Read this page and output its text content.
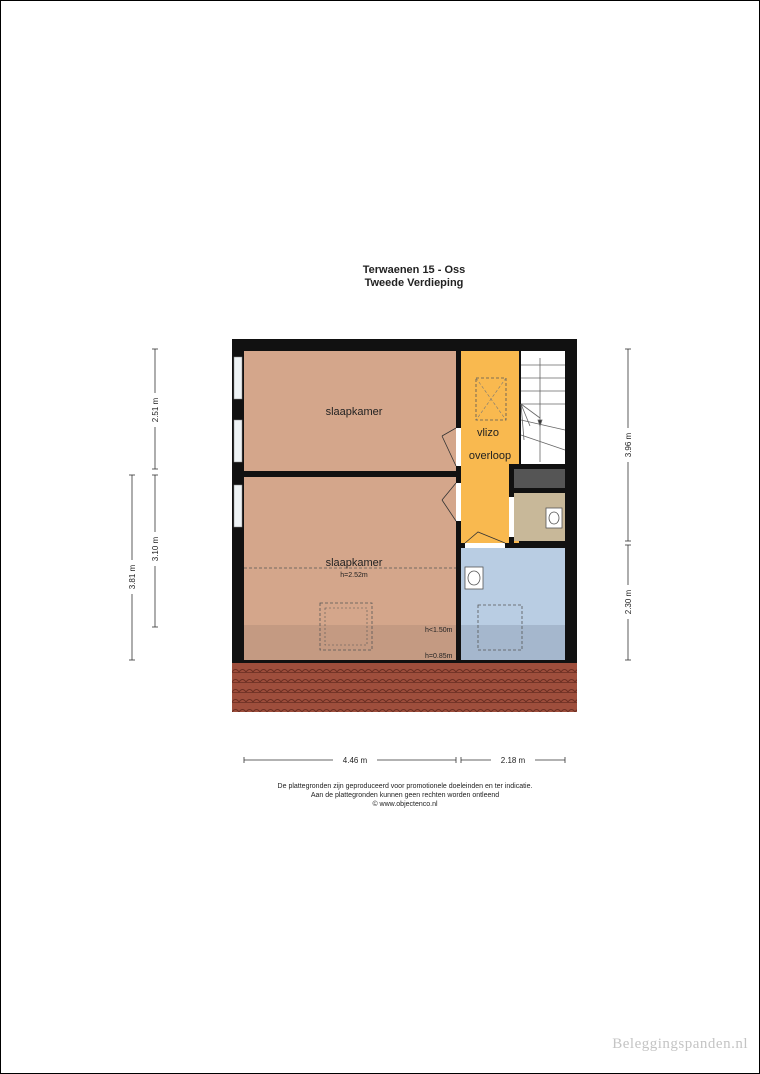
Terwaenen 15 - Oss
Tweede Verdieping
slaapkamer
slaapkamer
h=2.52m
vlizo
overloop
h<1.50m
h=0.85m
2.51 m
3.10 m
3.81 m
3.96 m
2.30 m
4.46 m	2.18 m
De plattegronden zijn geproduceerd voor promotionele doeleinden en ter indicatie.
Aan de plattegronden kunnen geen rechten worden ontleend
© www.objectenco.nl
Beleggingspanden.nl
